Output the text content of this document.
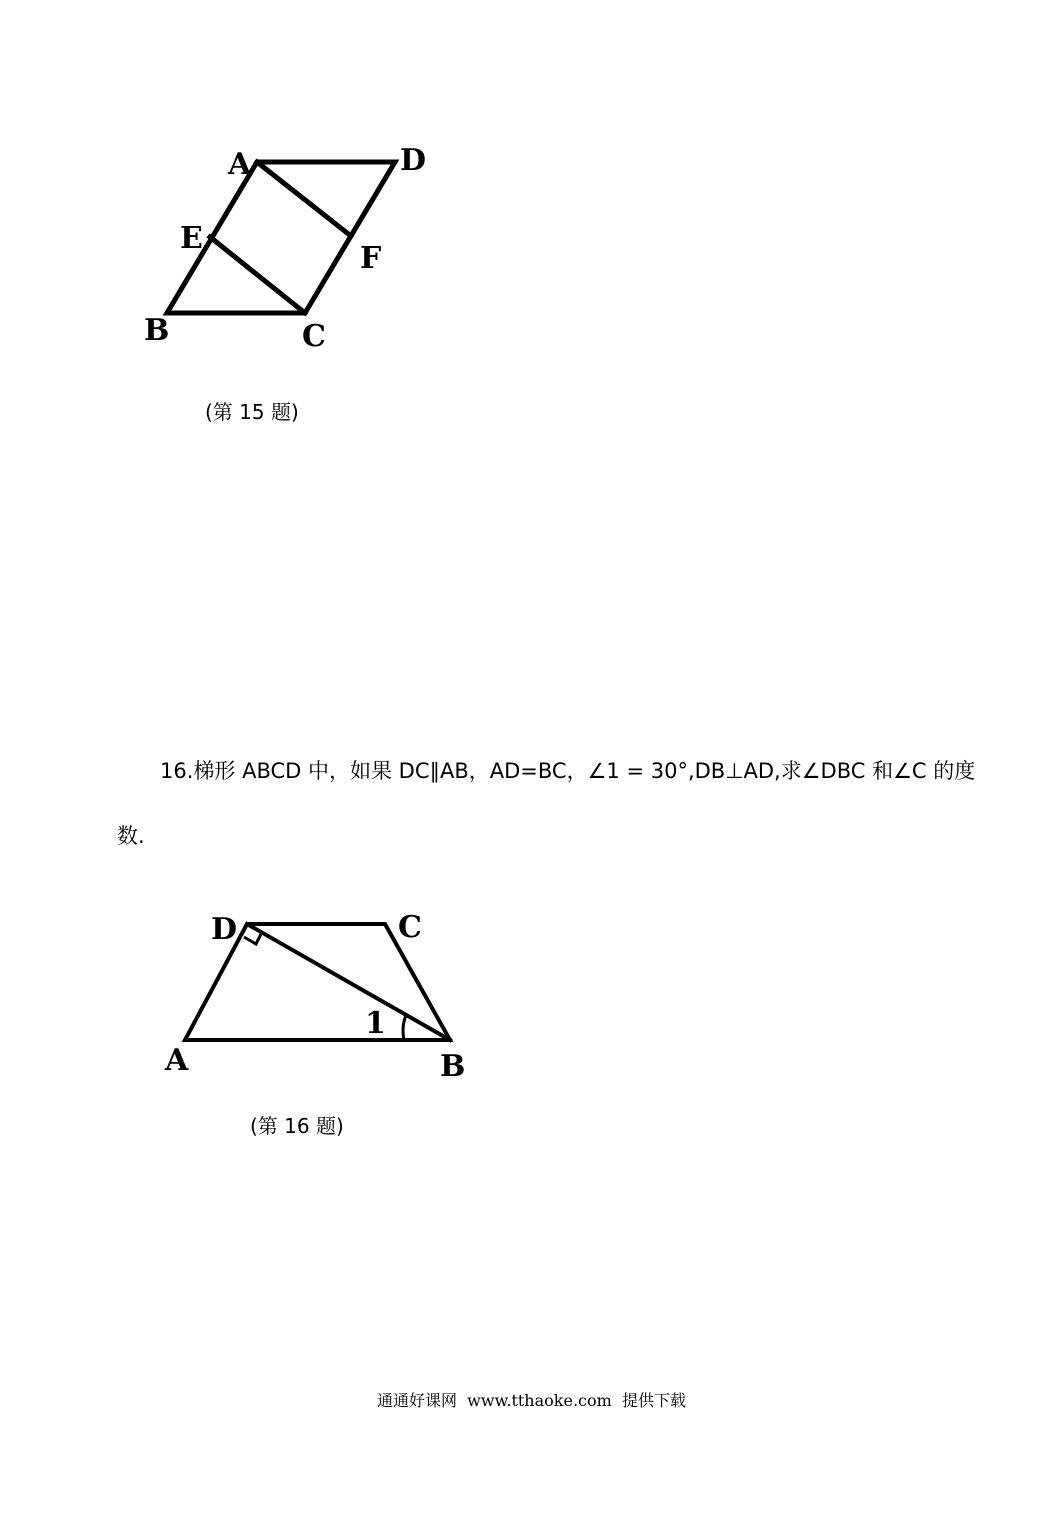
A	D
E
F
B	C
(第 15 题)
16.梯形 ABCD 中，如果 DC∥AB，AD=BC，∠1 = 30°,DB⊥AD,求∠DBC 和∠C 的度
数.
D	C
A	B
1
(第 16 题)
通通好课网  www.tthaoke.com  提供下载
